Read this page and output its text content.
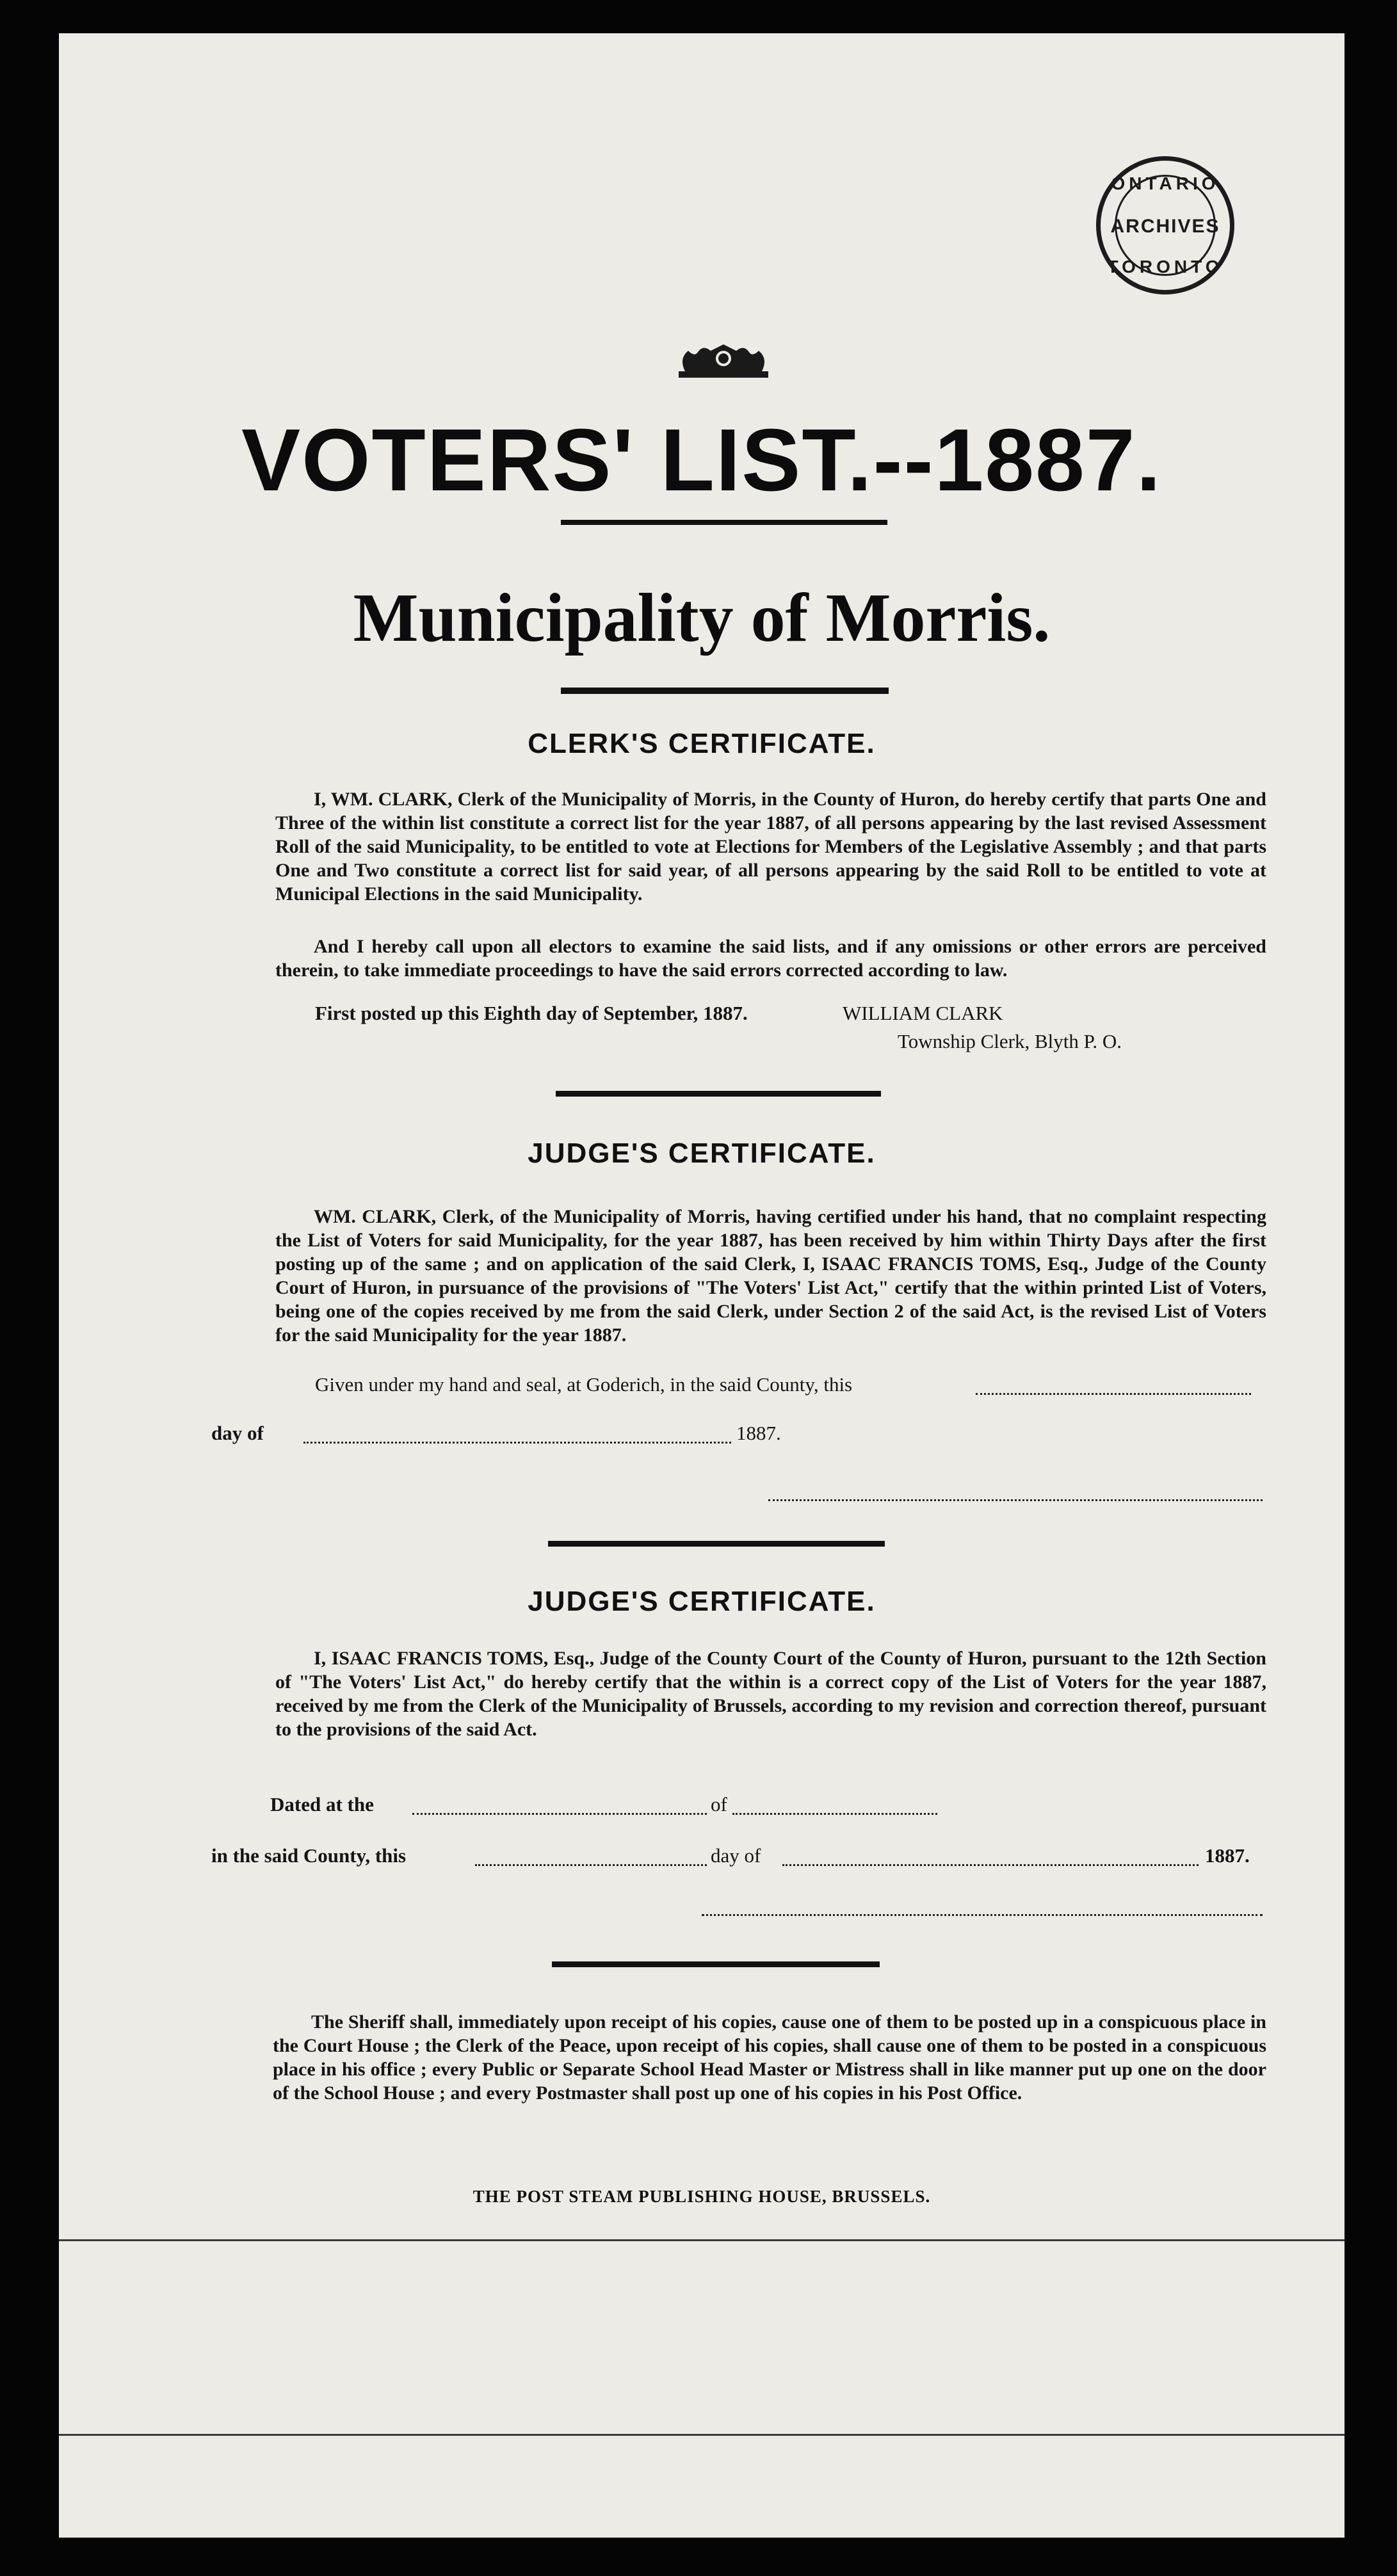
ONTARIO
ARCHIVES
TORONTO
VOTERS' LIST.--1887.
Municipality of Morris.
CLERK'S CERTIFICATE.

I, WM. CLARK, Clerk of the Municipality of Morris, in the County of Huron, do hereby certify that parts One and Three of the within list constitute a correct list for the year 1887, of all persons appearing by the last revised Assessment Roll of the said Municipality, to be entitled to vote at Elections for Members of the Legislative Assembly ; and that parts One and Two constitute a correct list for said year, of all persons appearing by the said Roll to be entitled to vote at Municipal Elections in the said Municipality.

And I hereby call upon all electors to examine the said lists, and if any omissions or other errors are perceived therein, to take immediate proceedings to have the said errors corrected according to law.

First posted up this Eighth day of September, 1887.	WILLIAM CLARK
Township Clerk, Blyth P. O.
JUDGE'S CERTIFICATE.

WM. CLARK, Clerk, of the Municipality of Morris, having certified under his hand, that no complaint respecting the List of Voters for said Municipality, for the year 1887, has been received by him within Thirty Days after the first posting up of the same ; and on application of the said Clerk, I, ISAAC FRANCIS TOMS, Esq., Judge of the County Court of Huron, in pursuance of the provisions of "The Voters' List Act," certify that the within printed List of Voters, being one of the copies received by me from the said Clerk, under Section 2 of the said Act, is the revised List of Voters for the said Municipality for the year 1887.

Given under my hand and seal, at Goderich, in the said County, this
day of	1887.
JUDGE'S CERTIFICATE.

I, ISAAC FRANCIS TOMS, Esq., Judge of the County Court of the County of Huron, pursuant to the 12th Section of "The Voters' List Act," do hereby certify that the within is a correct copy of the List of Voters for the year 1887, received by me from the Clerk of the Municipality of Brussels, according to my revision and correction thereof, pursuant to the provisions of the said Act.

Dated at the	of
in the said County, this	day of	1887.

The Sheriff shall, immediately upon receipt of his copies, cause one of them to be posted up in a conspicuous place in the Court House ; the Clerk of the Peace, upon receipt of his copies, shall cause one of them to be posted in a conspicuous place in his office ; every Public or Separate School Head Master or Mistress shall in like manner put up one on the door of the School House ; and every Postmaster shall post up one of his copies in his Post Office.

THE POST STEAM PUBLISHING HOUSE, BRUSSELS.
